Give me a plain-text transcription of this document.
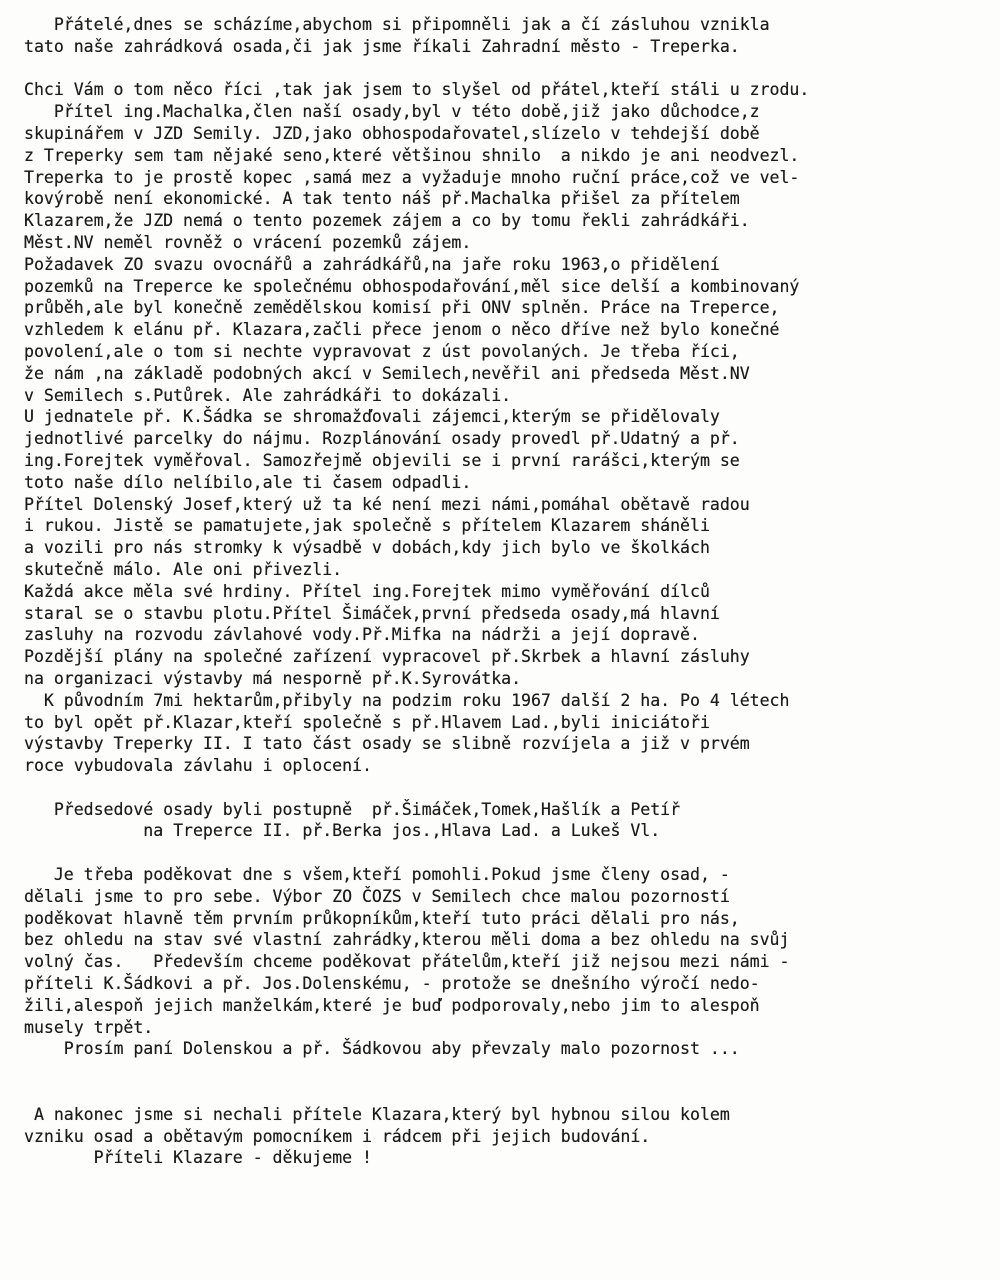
Přátelé,dnes se scházíme,abychom si připomněli jak a čí zásluhou vznikla
tato naše zahrádková osada,či jak jsme říkali Zahradní město - Treperka.
Chci Vám o tom něco říci ,tak jak jsem to slyšel od přátel,kteří stáli u zrodu.
Přítel ing.Machalka,člen naší osady,byl v této době,již jako důchodce,z
skupinářem v JZD Semily. JZD,jako obhospodařovatel,slízelo v tehdejší době
z Treperky sem tam nějaké seno,které většinou shnilo  a nikdo je ani neodvezl.
Treperka to je prostě kopec ,samá mez a vyžaduje mnoho ruční práce,což ve vel-
kovýrobě není ekonomické. A tak tento náš př.Machalka přišel za přítelem
Klazarem,že JZD nemá o tento pozemek zájem a co by tomu řekli zahrádkáři.
Měst.NV neměl rovněž o vrácení pozemků zájem.
Požadavek ZO svazu ovocnářů a zahrádkářů,na jaře roku 1963,o přidělení
pozemků na Treperce ke společnému obhospodařování,měl sice delší a kombinovaný
průběh,ale byl konečně zemědělskou komisí při ONV splněn. Práce na Treperce,
vzhledem k elánu př. Klazara,začli přece jenom o něco dříve než bylo konečné
povolení,ale o tom si nechte vypravovat z úst povolaných. Je třeba říci,
že nám ,na základě podobných akcí v Semilech,nevěřil ani předseda Měst.NV
v Semilech s.Putůrek. Ale zahrádkáři to dokázali.
U jednatele př. K.Šádka se shromažďovali zájemci,kterým se přidělovaly
jednotlivé parcelky do nájmu. Rozplánování osady provedl př.Udatný a př.
ing.Forejtek vyměřoval. Samozřejmě objevili se i první rarášci,kterým se
toto naše dílo nelíbilo,ale ti časem odpadli.
Přítel Dolenský Josef,který už ta ké není mezi námi,pomáhal obětavě radou
i rukou. Jistě se pamatujete,jak společně s přítelem Klazarem sháněli
a vozili pro nás stromky k výsadbě v dobách,kdy jich bylo ve školkách
skutečně málo. Ale oni přivezli.
Každá akce měla své hrdiny. Přítel ing.Forejtek mimo vyměřování dílců
staral se o stavbu plotu.Přítel Šimáček,první předseda osady,má hlavní
zasluhy na rozvodu závlahové vody.Př.Mifka na nádrži a její dopravě.
Pozdější plány na společné zařízení vypracovel př.Skrbek a hlavní zásluhy
na organizaci výstavby má nesporně př.K.Syrovátka.
K původním 7mi hektarům,přibyly na podzim roku 1967 další 2 ha. Po 4 létech
to byl opět př.Klazar,kteří společně s př.Hlavem Lad.,byli iniciátoři
výstavby Treperky II. I tato část osady se slibně rozvíjela a již v prvém
roce vybudovala závlahu i oplocení.
Předsedové osady byli postupně  př.Šimáček,Tomek,Hašlík a Petíř
na Treperce II. př.Berka jos.,Hlava Lad. a Lukeš Vl.
Je třeba poděkovat dne s všem,kteří pomohli.Pokud jsme členy osad, -
dělali jsme to pro sebe. Výbor ZO ČOZS v Semilech chce malou pozorností
poděkovat hlavně těm prvním průkopníkům,kteří tuto práci dělali pro nás,
bez ohledu na stav své vlastní zahrádky,kterou měli doma a bez ohledu na svůj
volný čas.   Především chceme poděkovat přátelům,kteří již nejsou mezi námi -
příteli K.Šádkovi a př. Jos.Dolenskému, - protože se dnešního výročí nedo-
žili,alespoň jejich manželkám,které je buď podporovaly,nebo jim to alespoň
musely trpět.
Prosím paní Dolenskou a př. Šádkovou aby převzaly malo pozornost ...
A nakonec jsme si nechali přítele Klazara,který byl hybnou silou kolem
vzniku osad a obětavým pomocníkem i rádcem při jejich budování.
Příteli Klazare - děkujeme !
